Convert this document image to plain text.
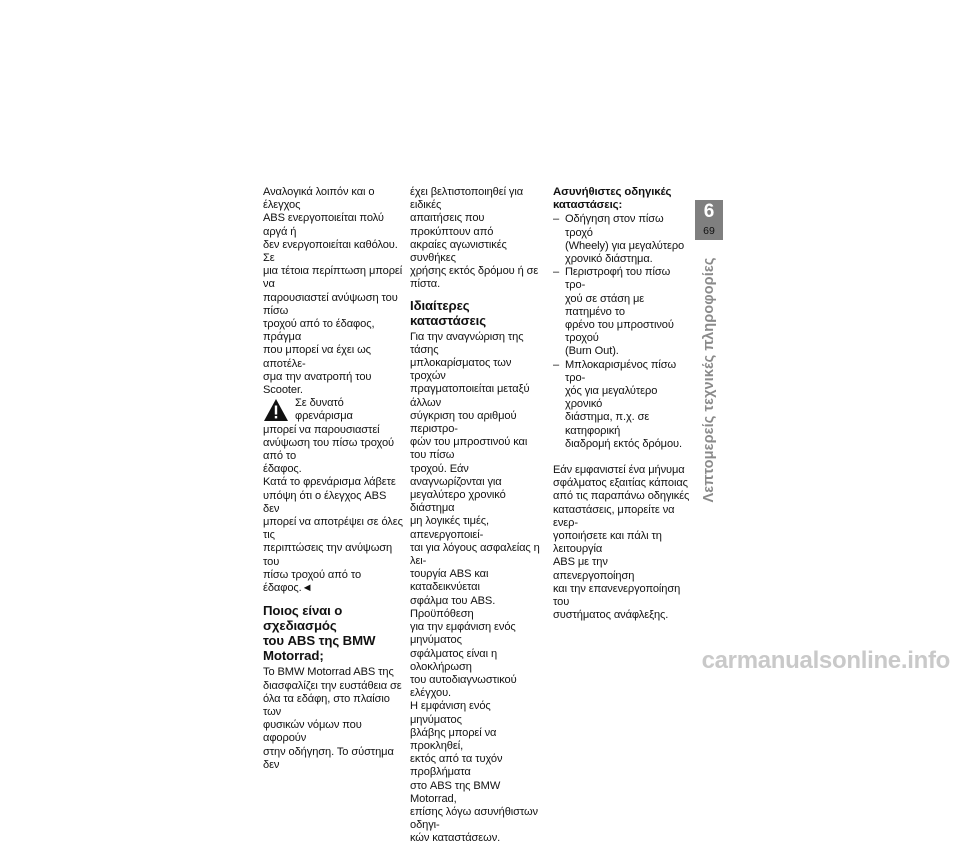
Αναλογικά λοιπόν και ο έλεγχος
ABS ενεργοποιείται πολύ αργά ή
δεν ενεργοποιείται καθόλου. Σε
μια τέτοια περίπτωση μπορεί να
παρουσιαστεί ανύψωση του πίσω
τροχού από το έδαφος, πράγμα
που μπορεί να έχει ως αποτέλε-
σμα την ανατροπή του Scooter.

Σε δυνατό φρενάρισμα
μπορεί να παρουσιαστεί
ανύψωση του πίσω τροχού από το
έδαφος.

Κατά το φρενάρισμα λάβετε
υπόψη ότι ο έλεγχος ABS δεν
μπορεί να αποτρέψει σε όλες τις
περιπτώσεις την ανύψωση του
πίσω τροχού από το έδαφος.◄

Ποιος είναι ο σχεδιασμός
του ABS της BMW
Motorrad;

Το BMW Motorrad ABS της
διασφαλίζει την ευστάθεια σε
όλα τα εδάφη, στο πλαίσιο των
φυσικών νόμων που αφορούν
στην οδήγηση. Το σύστημα δεν

έχει βελτιστοποιηθεί για ειδικές
απαιτήσεις που προκύπτουν από
ακραίες αγωνιστικές συνθήκες
χρήσης εκτός δρόμου ή σε πίστα.

Ιδιαίτερες καταστάσεις

Για την αναγνώριση της τάσης
μπλοκαρίσματος των τροχών
πραγματοποιείται μεταξύ άλλων
σύγκριση του αριθμού περιστρο-
φών του μπροστινού και του πίσω
τροχού. Εάν αναγνωρίζονται για
μεγαλύτερο χρονικό διάστημα
μη λογικές τιμές, απενεργοποιεί-
ται για λόγους ασφαλείας η λει-
τουργία ABS και καταδεικνύεται
σφάλμα του ABS. Προϋπόθεση
για την εμφάνιση ενός μηνύματος
σφάλματος είναι η ολοκλήρωση
του αυτοδιαγνωστικού ελέγχου.
Η εμφάνιση ενός μηνύματος
βλάβης μπορεί να προκληθεί,
εκτός από τα τυχόν προβλήματα
στο ABS της BMW Motorrad,
επίσης λόγω ασυνήθιστων οδηγι-
κών καταστάσεων.

Ασυνήθιστες οδηγικές
καταστάσεις:
– Οδήγηση στον πίσω τροχό
(Wheely) για μεγαλύτερο
χρονικό διάστημα.
– Περιστροφή του πίσω τρο-
χού σε στάση με πατημένο το
φρένο του μπροστινού τροχού
(Burn Out).
– Μπλοκαρισμένος πίσω τρο-
χός για μεγαλύτερο χρονικό
διάστημα, π.χ. σε κατηφορική
διαδρομή εκτός δρόμου.

Εάν εμφανιστεί ένα μήνυμα
σφάλματος εξαιτίας κάποιας
από τις παραπάνω οδηγικές
καταστάσεις, μπορείτε να ενερ-
γοποιήσετε και πάλι τη λειτουργία
ABS με την απενεργοποίηση
και την επανενεργοποίηση του
συστήματος ανάφλεξης.

6
69
Λεπτομερείς τεχνικές πληροφορίες
carmanualsonline.info
